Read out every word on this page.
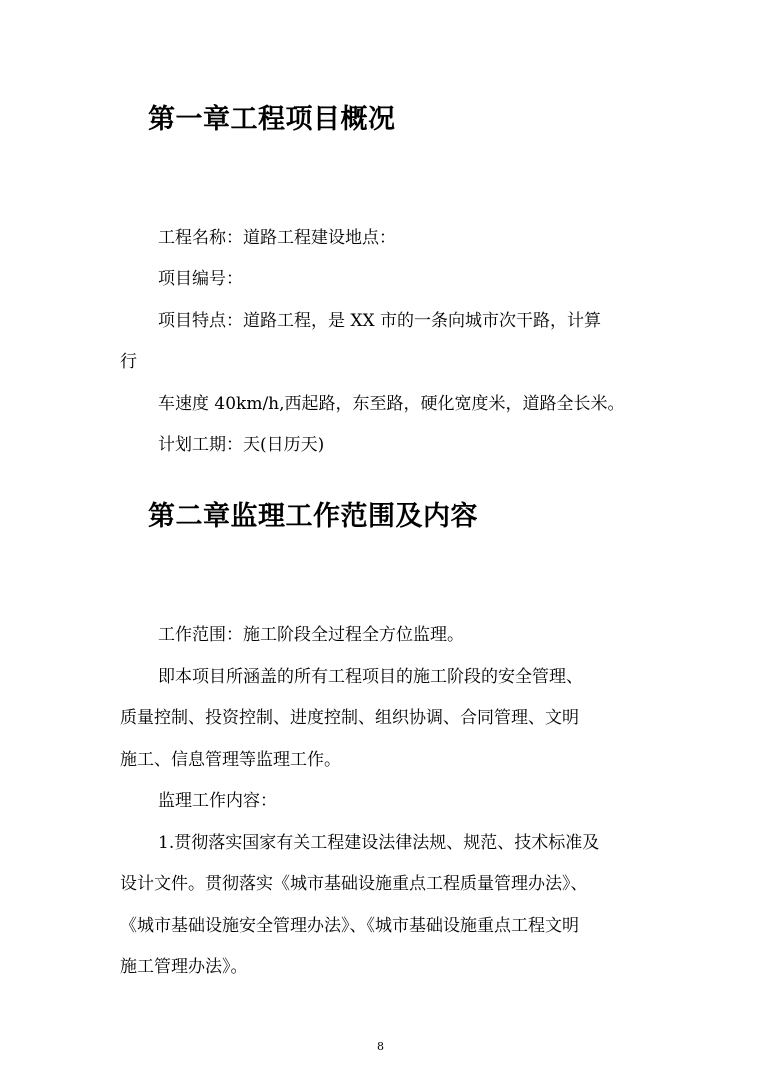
第一章工程项目概况

工程名称：道路工程建设地点：

项目编号：

项目特点：道路工程，是 XX 市的一条向城市次干路，计算

行

车速度 40km/h,西起路，东至路，硬化宽度米，道路全长米。

计划工期：天(日历天)

第二章监理工作范围及内容

工作范围：施工阶段全过程全方位监理。

即本项目所涵盖的所有工程项目的施工阶段的安全管理、

质量控制、投资控制、进度控制、组织协调、合同管理、文明

施工、信息管理等监理工作。

监理工作内容：

1.贯彻落实国家有关工程建设法律法规、规范、技术标准及

设计文件。贯彻落实《城市基础设施重点工程质量管理办法》、

《城市基础设施安全管理办法》、《城市基础设施重点工程文明

施工管理办法》。

8
